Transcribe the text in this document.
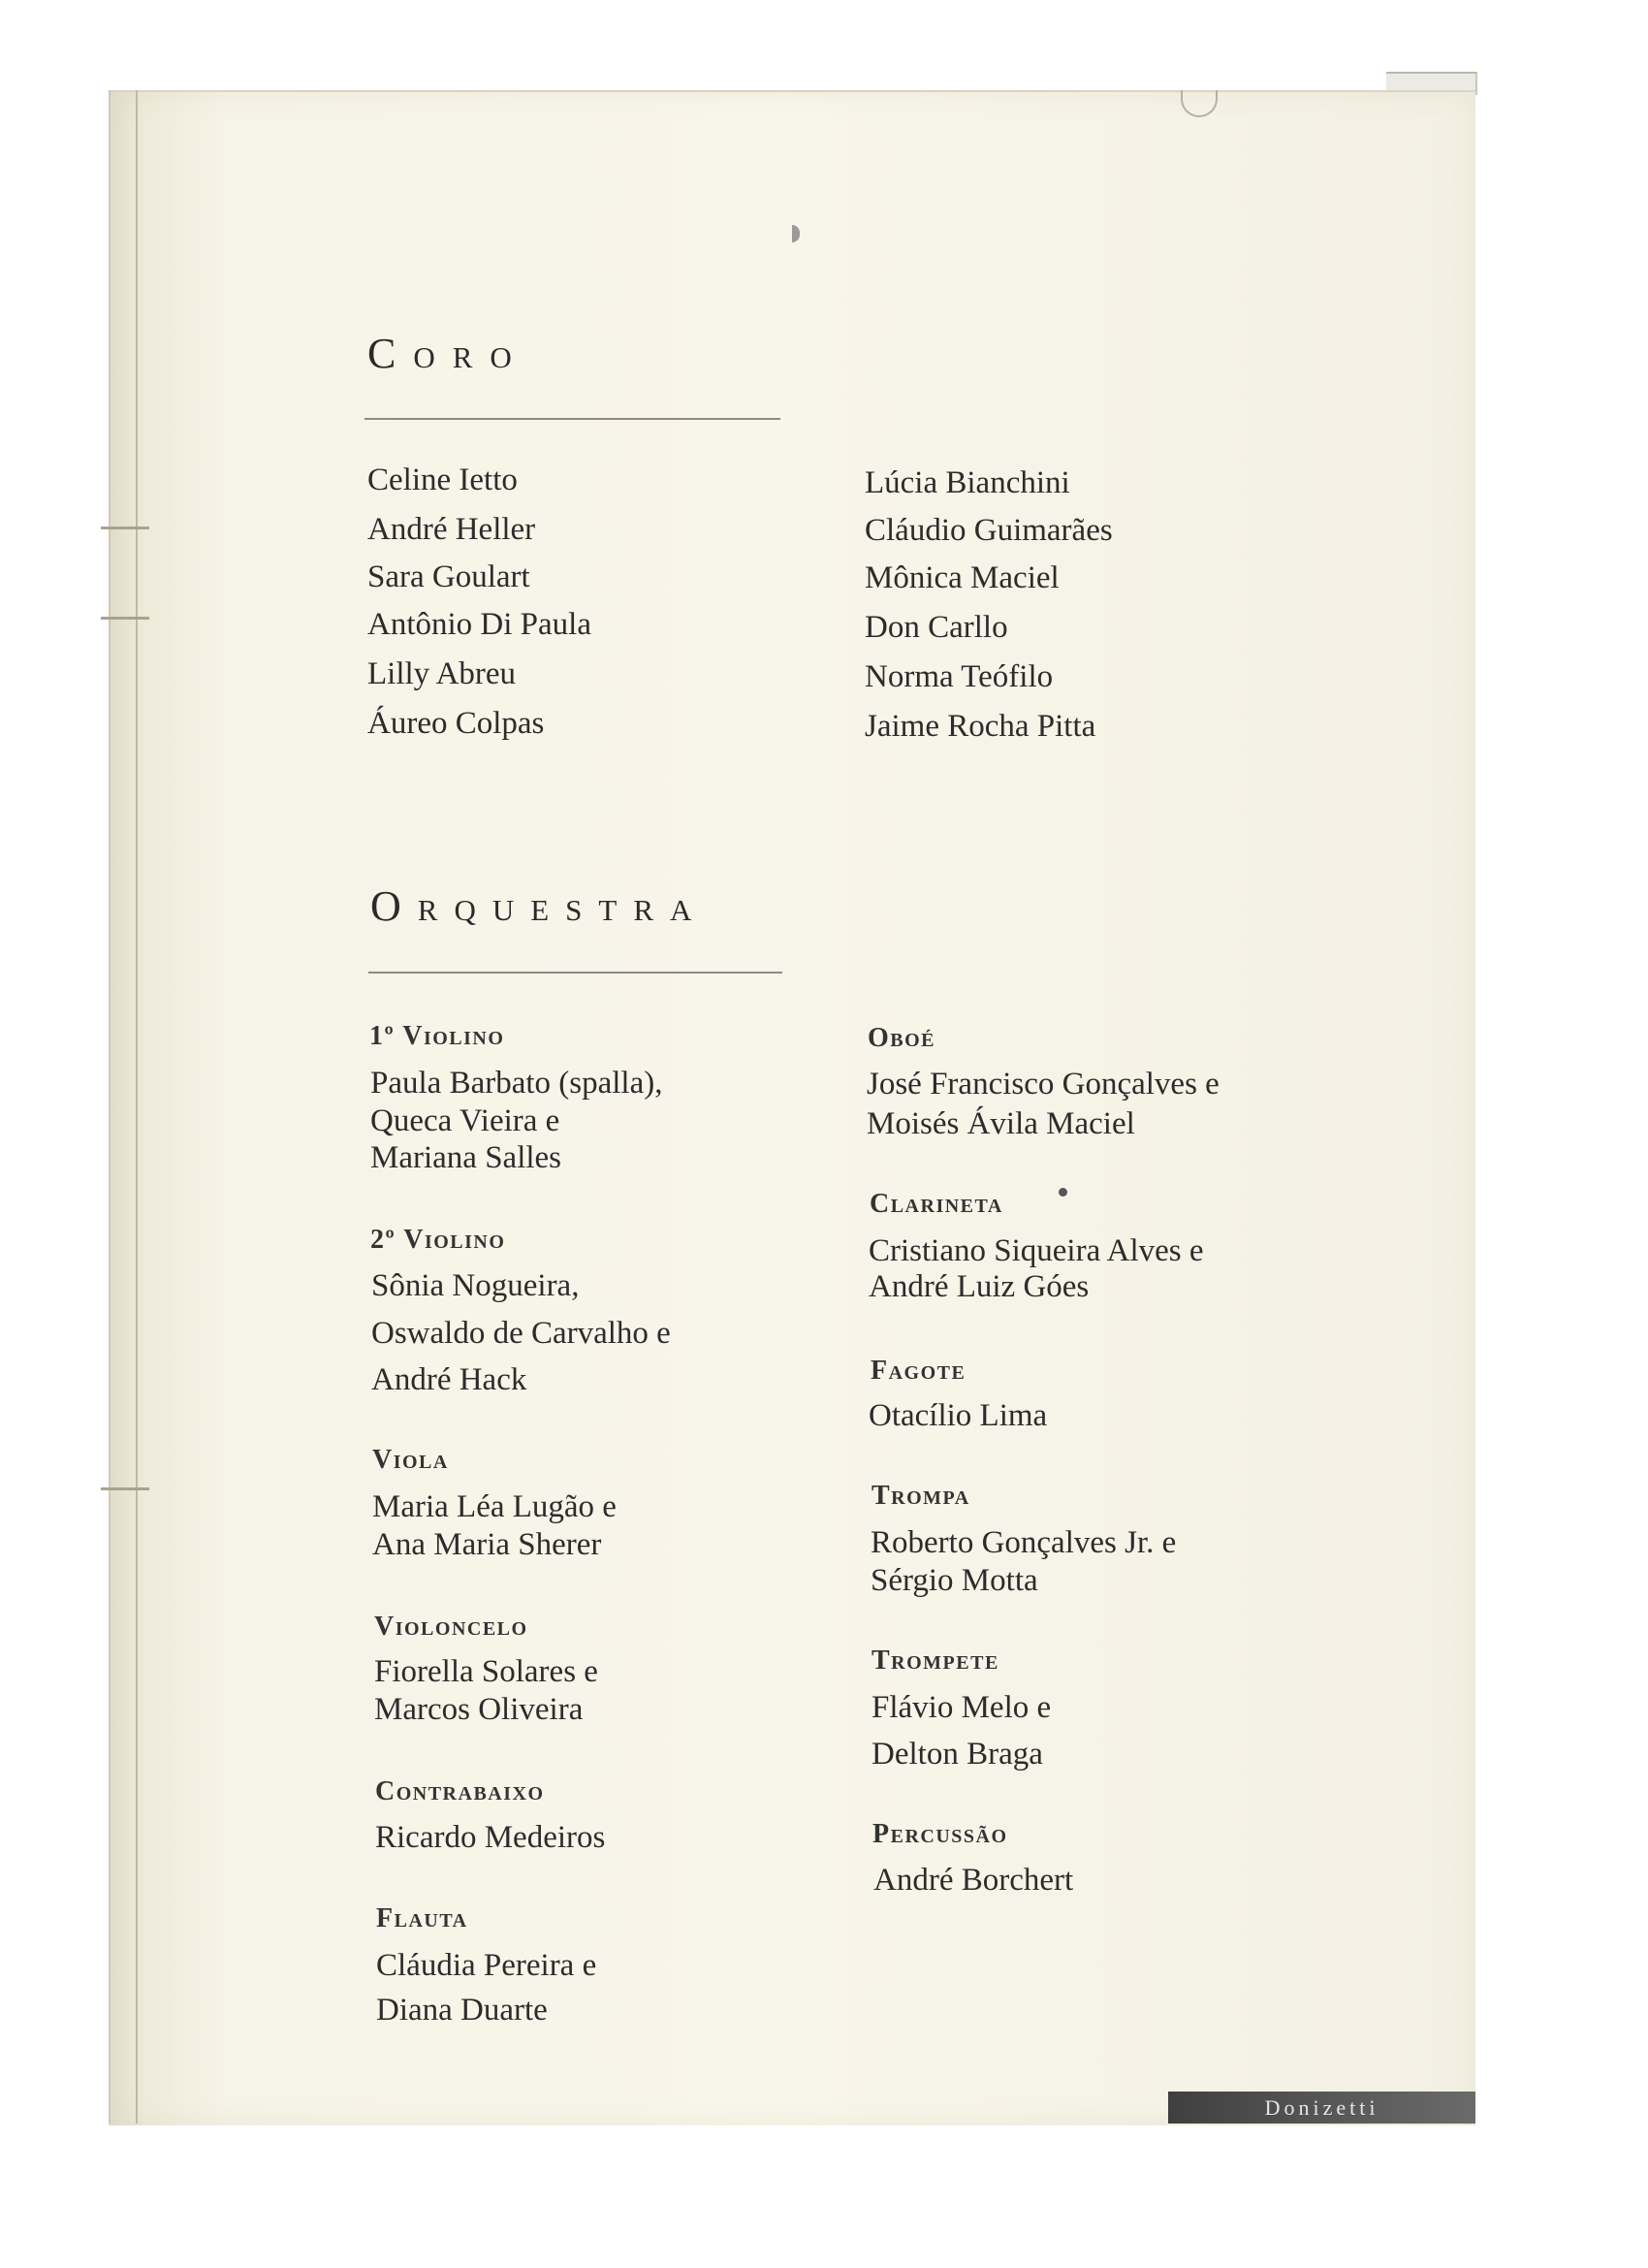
Coro
Celine Ietto
André Heller
Sara Goulart
Antônio Di Paula
Lilly Abreu
Áureo Colpas
Lúcia Bianchini
Cláudio Guimarães
Mônica Maciel
Don Carllo
Norma Teófilo
Jaime Rocha Pitta
Orquestra
1º Violino
Paula Barbato (spalla),
Queca Vieira e
Mariana Salles
2º Violino
Sônia Nogueira,
Oswaldo de Carvalho e
André Hack
Viola
Maria Léa Lugão e
Ana Maria Sherer
Violoncelo
Fiorella Solares e
Marcos Oliveira
Contrabaixo
Ricardo Medeiros
Flauta
Cláudia Pereira e
Diana Duarte
Oboé
José Francisco Gonçalves e
Moisés Ávila Maciel
Clarineta
Cristiano Siqueira Alves e
André Luiz Góes
Fagote
Otacílio Lima
Trompa
Roberto Gonçalves Jr. e
Sérgio Motta
Trompete
Flávio Melo e
Delton Braga
Percussão
André Borchert
Donizetti
